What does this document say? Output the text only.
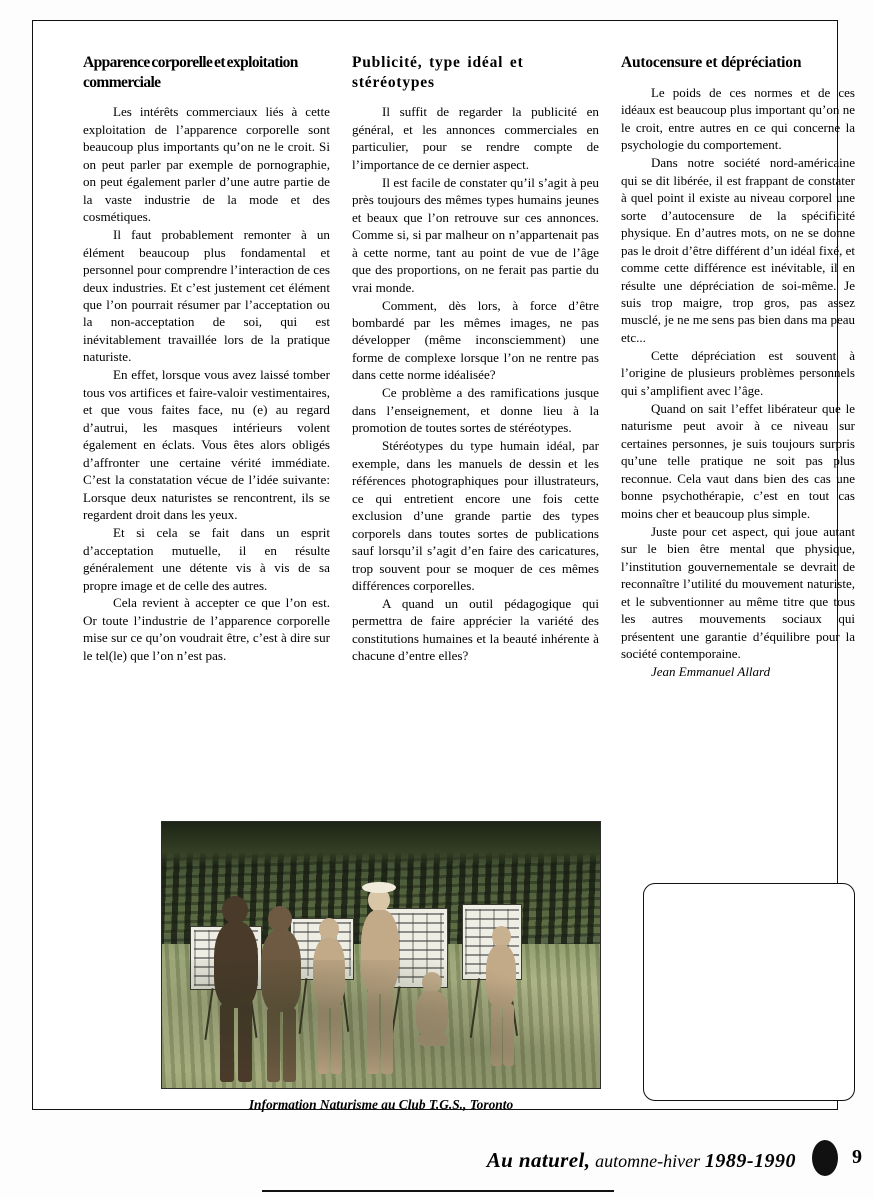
Apparence corporelle et exploitation commerciale

Les intérêts commerciaux liés à cette exploitation de l’apparence corporelle sont beaucoup plus importants qu’on ne le croit. Si on peut parler par exemple de pornographie, on peut également parler d’une autre partie de la vaste industrie de la mode et des cosmétiques.

Il faut probablement remonter à un élément beaucoup plus fondamental et personnel pour comprendre l’interaction de ces deux industries. Et c’est justement cet élément que l’on pourrait résumer par l’acceptation ou la non-acceptation de soi, qui est inévitablement travaillée lors de la pratique naturiste.

En effet, lorsque vous avez laissé tomber tous vos artifices et faire-valoir vestimentaires, et que vous faites face, nu (e) au regard d’autrui, les masques intérieurs volent également en éclats. Vous êtes alors obligés d’affronter une certaine vérité immédiate. C’est la constatation vécue de l’idée suivante: Lorsque deux naturistes se rencontrent, ils se regardent droit dans les yeux.

Et si cela se fait dans un esprit d’acceptation mutuelle, il en résulte généralement une détente vis à vis de sa propre image et de celle des autres.

Cela revient à accepter ce que l’on est. Or toute l’industrie de l’apparence corporelle mise sur ce qu’on voudrait être, c’est à dire sur le tel(le) que l’on n’est pas.

Publicité, type idéal et stéréotypes

Il suffit de regarder la publicité en général, et les annonces commerciales en particulier, pour se rendre compte de l’importance de ce dernier aspect.

Il est facile de constater qu’il s’agit à peu près toujours des mêmes types humains jeunes et beaux que l’on retrouve sur ces annonces. Comme si, si par malheur on n’appartenait pas à cette norme, tant au point de vue de l’âge que des proportions, on ne ferait pas partie du vrai monde.

Comment, dès lors, à force d’être bombardé par les mêmes images, ne pas développer (même inconsciemment) une forme de complexe lorsque l’on ne rentre pas dans cette norme idéalisée?

Ce problème a des ramifications jusque dans l’enseignement, et donne lieu à la promotion de toutes sortes de stéréotypes.

Stéréotypes du type humain idéal, par exemple, dans les manuels de dessin et les références photographiques pour illustrateurs, ce qui entretient encore une fois cette exclusion d’une grande partie des types corporels dans toutes sortes de publications sauf lorsqu’il s’agit d’en faire des caricatures, trop souvent pour se moquer de ces mêmes différences corporelles.

A quand un outil pédagogique qui permettra de faire apprécier la variété des constitutions humaines et la beauté inhérente à chacune d’entre elles?

Autocensure et dépréciation

Le poids de ces normes et de ces idéaux est beaucoup plus important qu’on ne le croit, entre autres en ce qui concerne la psychologie du comportement.

Dans notre société nord-américaine qui se dit libérée, il est frappant de constater à quel point il existe au niveau corporel une sorte d’autocensure de la spécificité physique. En d’autres mots, on ne se donne pas le droit d’être différent d’un idéal fixé, et comme cette différence est inévitable, il en résulte une dépréciation de soi-même. Je suis trop maigre, trop gros, pas assez musclé, je ne me sens pas bien dans ma peau etc...

Cette dépréciation est souvent à l’origine de plusieurs problèmes personnels qui s’amplifient avec l’âge.

Quand on sait l’effet libérateur que le naturisme peut avoir à ce niveau sur certaines personnes, je suis toujours surpris qu’une telle pratique ne soit pas plus reconnue. Cela vaut dans bien des cas une bonne psychothérapie, c’est en tout cas moins cher et beaucoup plus simple.

Juste pour cet aspect, qui joue autant sur le bien être mental que physique, l’institution gouvernementale se devrait de reconnaître l’utilité du mouvement naturiste, et le subventionner au même titre que tous les autres mouvements sociaux qui présentent une garantie d’équilibre pour la société contemporaine.

Jean Emmanuel Allard

Information Naturisme au Club T.G.S., Toronto
Au naturel, automne-hiver 1989-1990	9
